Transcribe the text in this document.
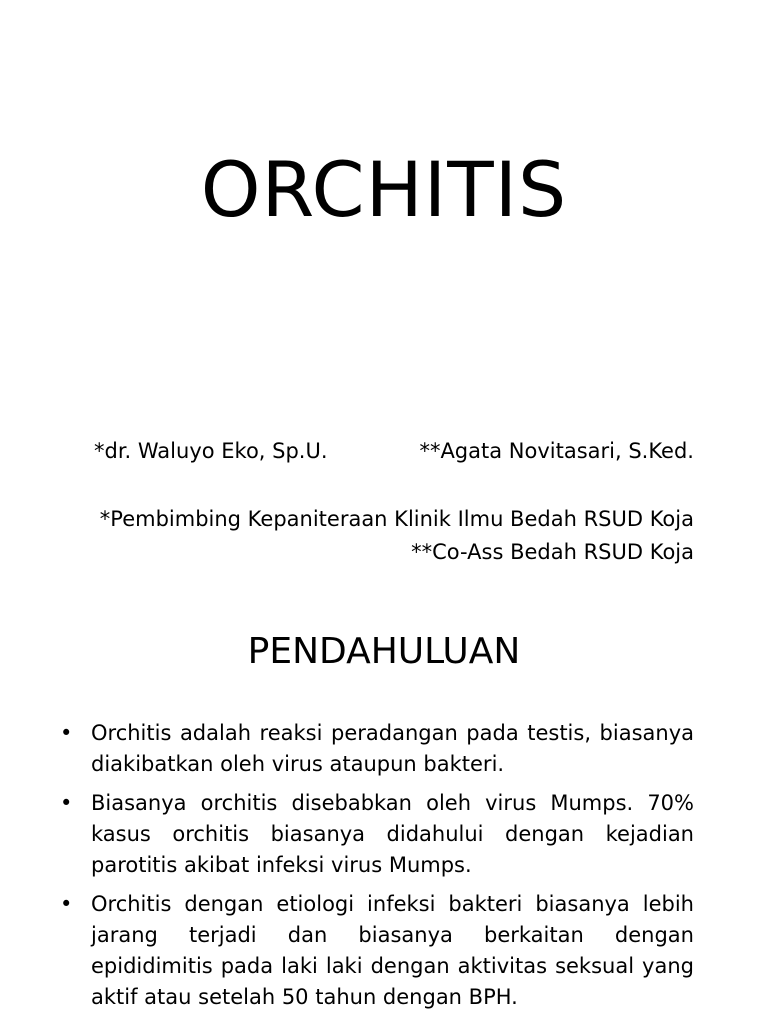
ORCHITIS
*dr. Waluyo Eko, Sp.U.	**Agata Novitasari, S.Ked.
*Pembimbing Kepaniteraan Klinik Ilmu Bedah RSUD Koja
**Co-Ass Bedah RSUD Koja
PENDAHULUAN
• Orchitis adalah reaksi peradangan pada testis, biasanya diakibatkan oleh virus ataupun bakteri.
• Biasanya orchitis disebabkan oleh virus Mumps. 70% kasus orchitis biasanya didahului dengan kejadian parotitis akibat infeksi virus Mumps.
• Orchitis dengan etiologi infeksi bakteri biasanya lebih jarang terjadi dan biasanya berkaitan dengan epididimitis pada laki laki dengan aktivitas seksual yang aktif atau setelah 50 tahun dengan BPH.
